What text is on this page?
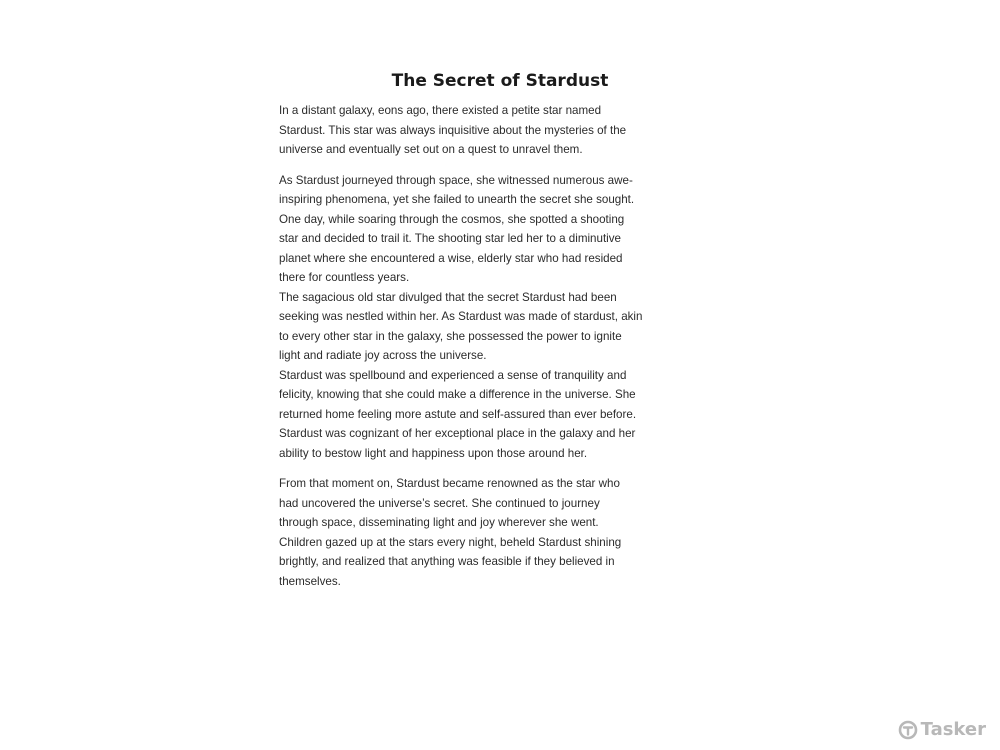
The Secret of Stardust

In a distant galaxy, eons ago, there existed a petite star named
Stardust. This star was always inquisitive about the mysteries of the
universe and eventually set out on a quest to unravel them.

As Stardust journeyed through space, she witnessed numerous awe-
inspiring phenomena, yet she failed to unearth the secret she sought.
One day, while soaring through the cosmos, she spotted a shooting
star and decided to trail it. The shooting star led her to a diminutive
planet where she encountered a wise, elderly star who had resided
there for countless years.

The sagacious old star divulged that the secret Stardust had been
seeking was nestled within her. As Stardust was made of stardust, akin
to every other star in the galaxy, she possessed the power to ignite
light and radiate joy across the universe.

Stardust was spellbound and experienced a sense of tranquility and
felicity, knowing that she could make a difference in the universe. She
returned home feeling more astute and self-assured than ever before.
Stardust was cognizant of her exceptional place in the galaxy and her
ability to bestow light and happiness upon those around her.

From that moment on, Stardust became renowned as the star who
had uncovered the universe’s secret. She continued to journey
through space, disseminating light and joy wherever she went.
Children gazed up at the stars every night, beheld Stardust shining
brightly, and realized that anything was feasible if they believed in
themselves.

Tasker
